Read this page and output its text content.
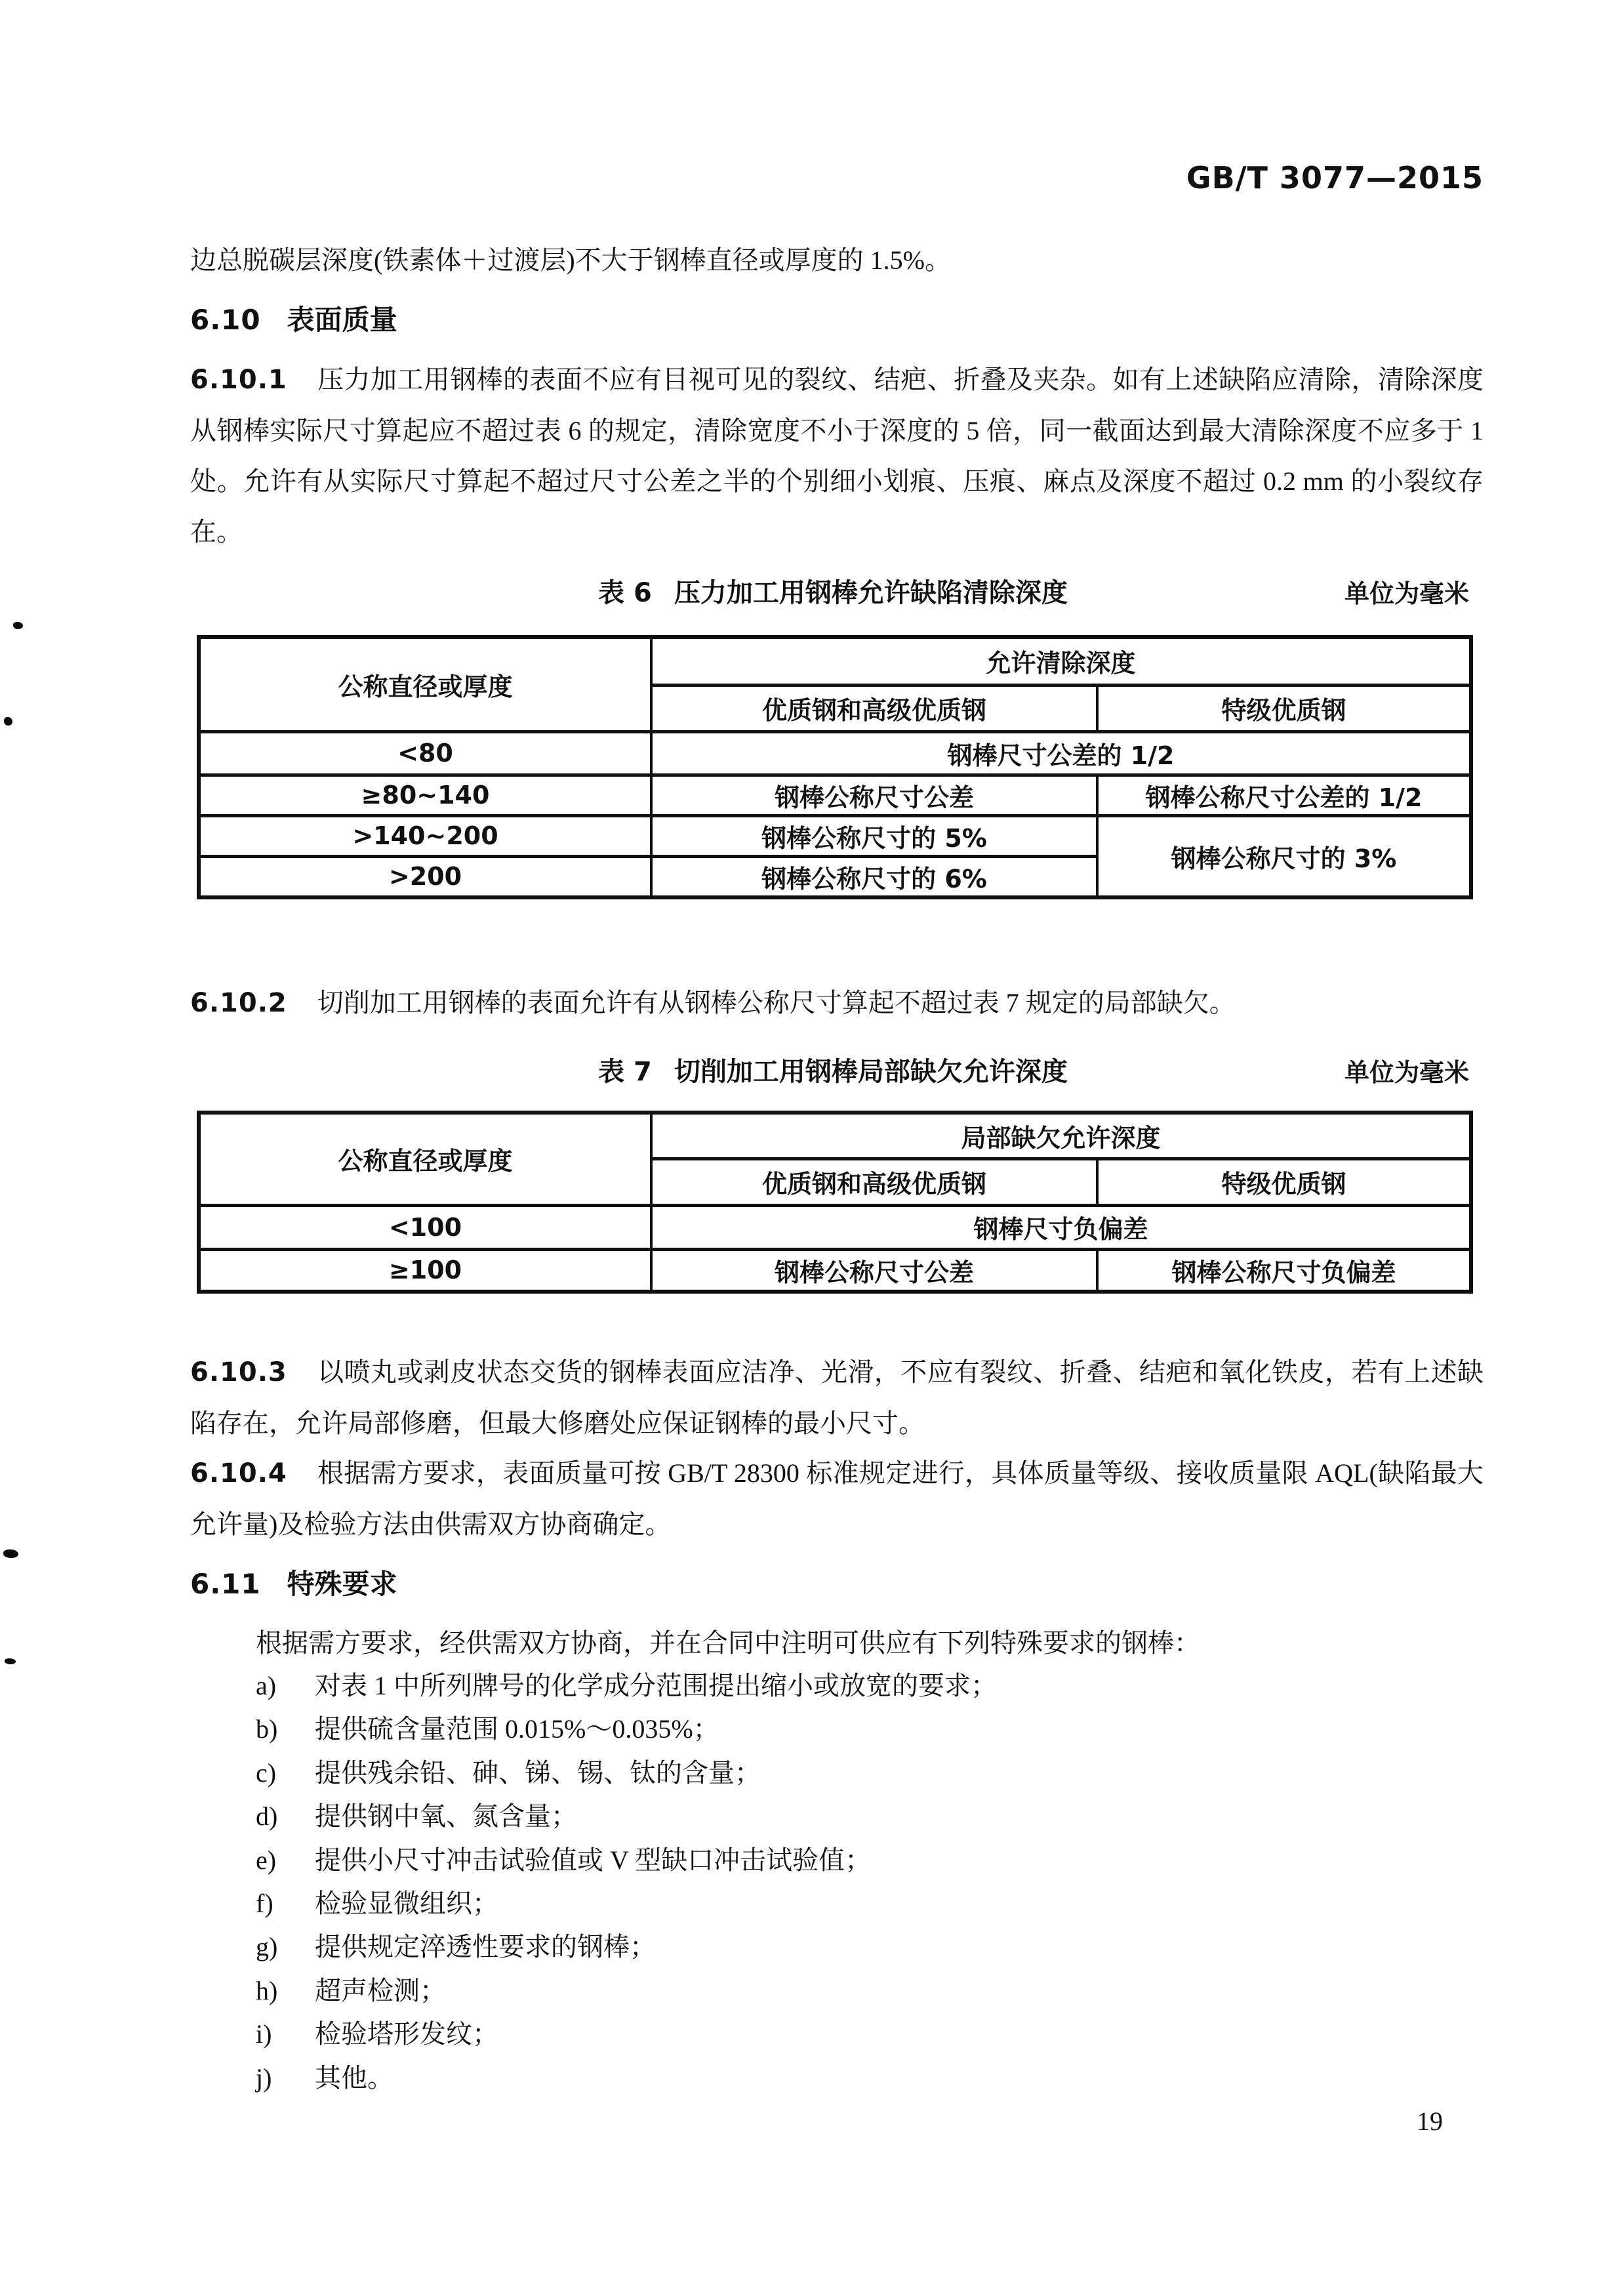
GB/T 3077—2015
边总脱碳层深度(铁素体＋过渡层)不大于钢棒直径或厚度的 1.5%。
6.10 表面质量
6.10.1 压力加工用钢棒的表面不应有目视可见的裂纹、结疤、折叠及夹杂。如有上述缺陷应清除，清除深度从钢棒实际尺寸算起应不超过表 6 的规定，清除宽度不小于深度的 5 倍，同一截面达到最大清除深度不应多于 1 处。允许有从实际尺寸算起不超过尺寸公差之半的个别细小划痕、压痕、麻点及深度不超过 0.2 mm 的小裂纹存在。
表 6 压力加工用钢棒允许缺陷清除深度	单位为毫米
公称直径或厚度	允许清除深度	
	优质钢和高级优质钢	特级优质钢
<80	钢棒尺寸公差的 1/2	
≥80~140	钢棒公称尺寸公差	钢棒公称尺寸公差的 1/2
>140~200	钢棒公称尺寸的 5%	钢棒公称尺寸的 3%
>200	钢棒公称尺寸的 6%	
6.10.2 切削加工用钢棒的表面允许有从钢棒公称尺寸算起不超过表 7 规定的局部缺欠。
表 7 切削加工用钢棒局部缺欠允许深度	单位为毫米
公称直径或厚度	局部缺欠允许深度	
	优质钢和高级优质钢	特级优质钢
<100	钢棒尺寸负偏差	
≥100	钢棒公称尺寸公差	钢棒公称尺寸负偏差
6.10.3 以喷丸或剥皮状态交货的钢棒表面应洁净、光滑，不应有裂纹、折叠、结疤和氧化铁皮，若有上述缺陷存在，允许局部修磨，但最大修磨处应保证钢棒的最小尺寸。
6.10.4 根据需方要求，表面质量可按 GB/T 28300 标准规定进行，具体质量等级、接收质量限 AQL(缺陷最大允许量)及检验方法由供需双方协商确定。
6.11 特殊要求
根据需方要求，经供需双方协商，并在合同中注明可供应有下列特殊要求的钢棒：
a)	对表 1 中所列牌号的化学成分范围提出缩小或放宽的要求；
b)	提供硫含量范围 0.015%～0.035%；
c)	提供残余铅、砷、锑、锡、钛的含量；
d)	提供钢中氧、氮含量；
e)	提供小尺寸冲击试验值或 V 型缺口冲击试验值；
f)	检验显微组织；
g)	提供规定淬透性要求的钢棒；
h)	超声检测；
i)	检验塔形发纹；
j)	其他。
19
